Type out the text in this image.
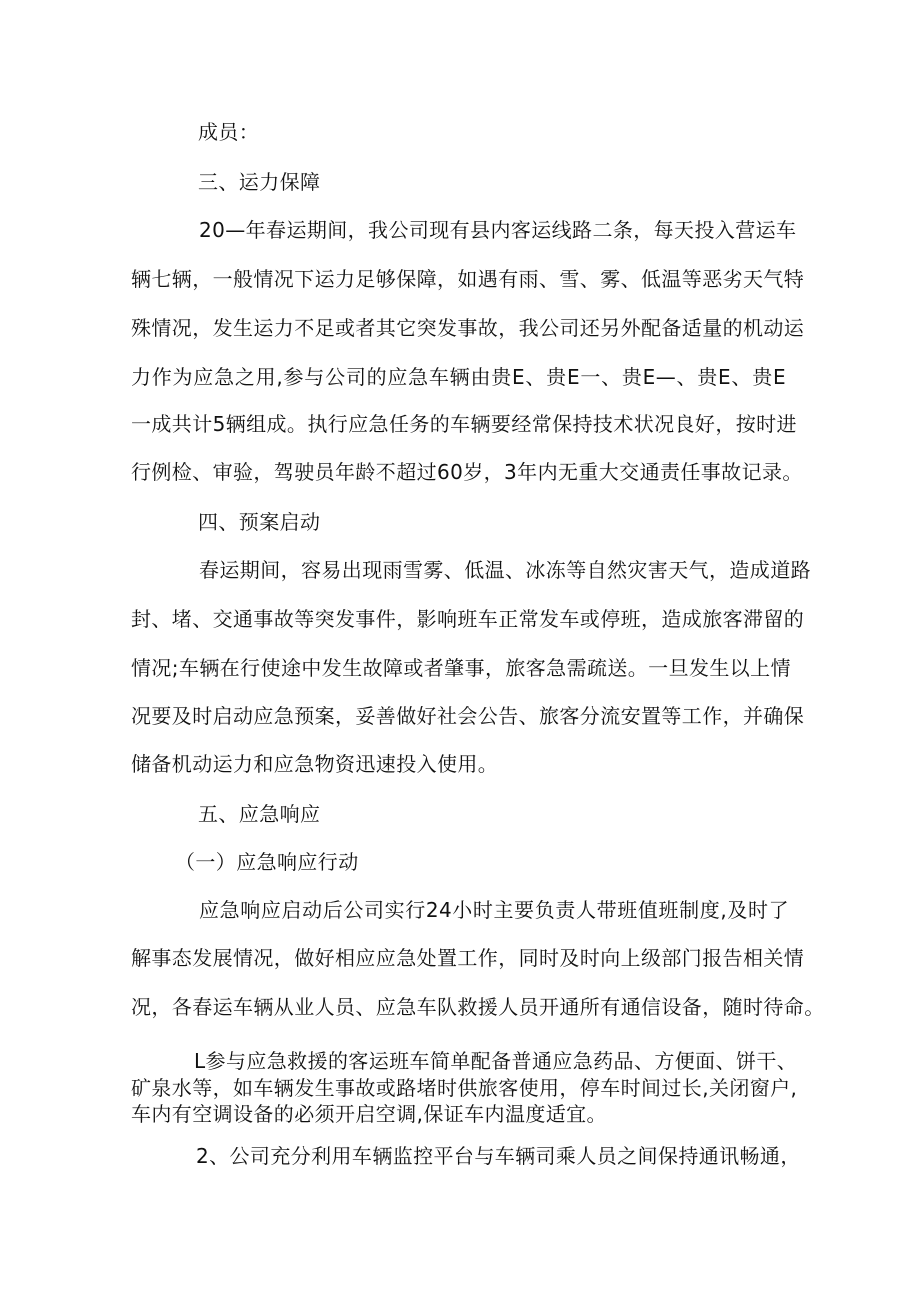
成员：

三、运力保障

20—年春运期间，我公司现有县内客运线路二条，每天投入营运车

辆七辆，一般情况下运力足够保障，如遇有雨、雪、雾、低温等恶劣天气特

殊情况，发生运力不足或者其它突发事故，我公司还另外配备适量的机动运

力作为应急之用,参与公司的应急车辆由贵E、贵E一、贵E—、贵E、贵E

一成共计5辆组成。执行应急任务的车辆要经常保持技术状况良好，按时进

行例检、审验，驾驶员年龄不超过60岁，3年内无重大交通责任事故记录。

四、预案启动

春运期间，容易出现雨雪雾、低温、冰冻等自然灾害天气，造成道路

封、堵、交通事故等突发事件，影响班车正常发车或停班，造成旅客滞留的

情况;车辆在行使途中发生故障或者肇事，旅客急需疏送。一旦发生以上情

况要及时启动应急预案，妥善做好社会公告、旅客分流安置等工作，并确保

储备机动运力和应急物资迅速投入使用。

五、应急响应

（一）应急响应行动

应急响应启动后公司实行24小时主要负责人带班值班制度,及时了

解事态发展情况，做好相应应急处置工作，同时及时向上级部门报告相关情

况，各春运车辆从业人员、应急车队救援人员开通所有通信设备，随时待命。

L参与应急救援的客运班车简单配备普通应急药品、方便面、饼干、

矿泉水等，如车辆发生事故或路堵时供旅客使用，停车时间过长,关闭窗户,

车内有空调设备的必须开启空调,保证车内温度适宜。

2、公司充分利用车辆监控平台与车辆司乘人员之间保持通讯畅通，
